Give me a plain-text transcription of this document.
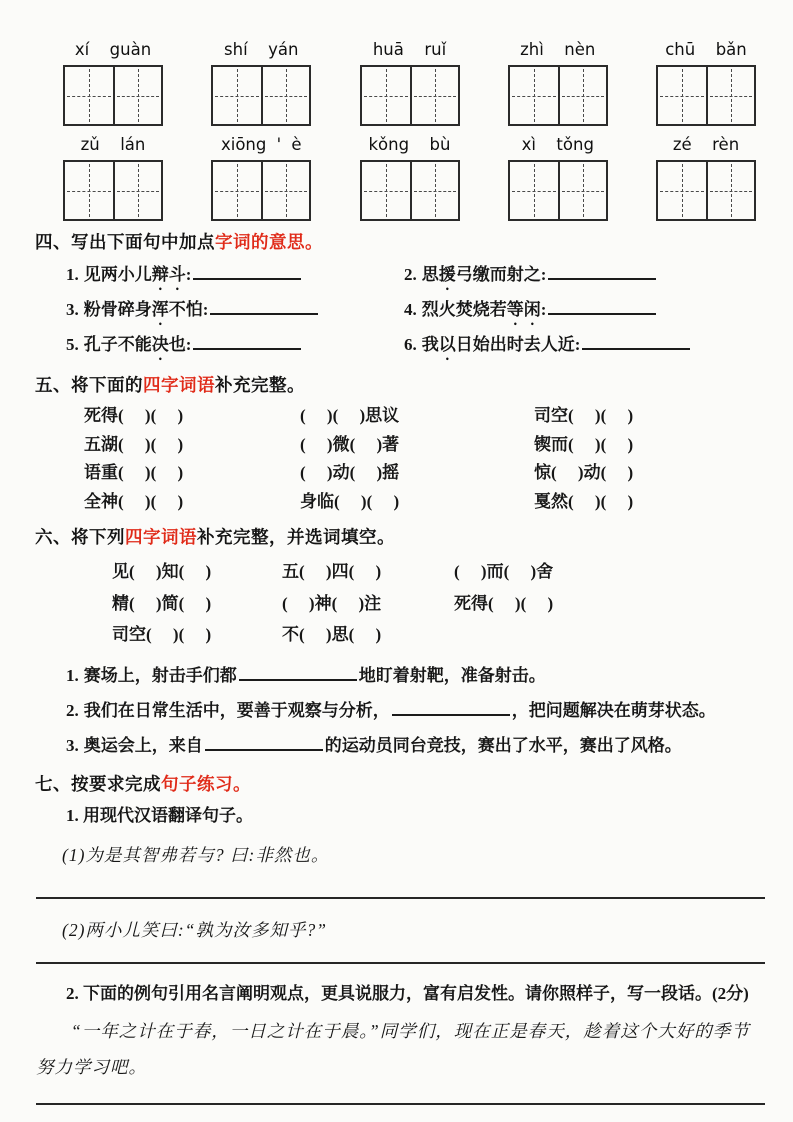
xí  guàn	shí  yán	huā  ruǐ	zhì  nèn	chū  bǎn
zǔ  lán	xiōng ' è	kǒng  bù	xì  tǒng	zé  rèn
四、写出下面句中加点字词的意思。
1. 见两小儿辩斗:	2. 思援弓缴而射之:
3. 粉骨碎身浑不怕:	4. 烈火焚烧若等闲:
5. 孔子不能决也:	6. 我以日始出时去人近:
五、将下面的四字词语补充完整。
死得(     )(     )	(     )(     )思议	司空(     )(     )
五湖(     )(     )	(     )微(     )著	锲而(     )(     )
语重(     )(     )	(     )动(     )摇	惊(     )动(     )
全神(     )(     )	身临(     )(     )	戛然(     )(     )
六、将下列四字词语补充完整，并选词填空。
见(     )知(     )	五(     )四(     )	(     )而(     )舍
精(     )简(     )	(     )神(     )注	死得(     )(     )
司空(     )(     )	不(     )思(     )
1. 赛场上，射击手们都	地盯着射靶，准备射击。
2. 我们在日常生活中，要善于观察与分析，	，把问题解决在萌芽状态。
3. 奥运会上，来自	的运动员同台竞技，赛出了水平，赛出了风格。
七、按要求完成句子练习。
1. 用现代汉语翻译句子。
(1)为是其智弗若与? 曰:非然也。
(2)两小儿笑曰:“孰为汝多知乎?”
2. 下面的例句引用名言阐明观点，更具说服力，富有启发性。请你照样子，写一段话。(2分)
“一年之计在于春，一日之计在于晨。”同学们，现在正是春天，趁着这个大好的季节努力学习吧。
